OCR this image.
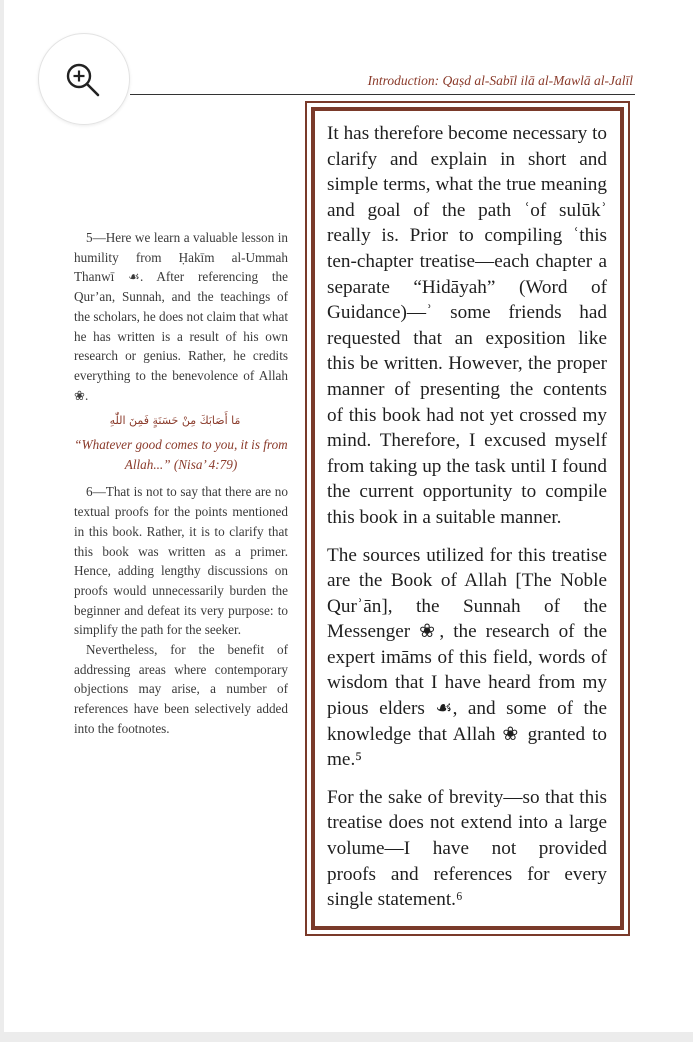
Introduction: Qaṣd al-Sabīl ilā al-Mawlā al-Jalīl

5—Here we learn a valuable lesson in humility from Ḥakīm al-Ummah Thanwī ☙. After referencing the Qur’an, Sunnah, and the teachings of the scholars, he does not claim that what he has written is a result of his own research or genius. Rather, he credits everything to the benevolence of Allah ❀.

مَا أَصَابَكَ مِنْ حَسَنَةٍ فَمِنَ اللّٰهِ

“Whatever good comes to you, it is from Allah...” (Nisa’ 4:79)

6—That is not to say that there are no textual proofs for the points mentioned in this book. Rather, it is to clarify that this book was written as a primer. Hence, adding lengthy discussions on proofs would unnecessarily burden the beginner and defeat its very purpose: to simplify the path for the seeker.

Nevertheless, for the benefit of addressing areas where contemporary objections may arise, a number of references have been selectively added into the footnotes.

It has therefore become necessary to clarify and explain in short and simple terms, what the true meaning and goal of the path ʿof sulūkʾ really is. Prior to compiling ʿthis ten-chapter treatise—each chapter a separate “Hidāyah” (Word of Guidance)—ʾ some friends had requested that an exposition like this be written. However, the proper manner of presenting the contents of this book had not yet crossed my mind. Therefore, I excused myself from taking up the task until I found the current opportunity to compile this book in a suitable manner.

The sources utilized for this treatise are the Book of Allah [The Noble Qurʾān], the Sunnah of the Messenger ❀, the research of the expert imāms of this field, words of wisdom that I have heard from my pious elders ☙, and some of the knowledge that Allah ❀ granted to me.⁵

For the sake of brevity—so that this treatise does not extend into a large volume—I have not provided proofs and references for every single statement.⁶
